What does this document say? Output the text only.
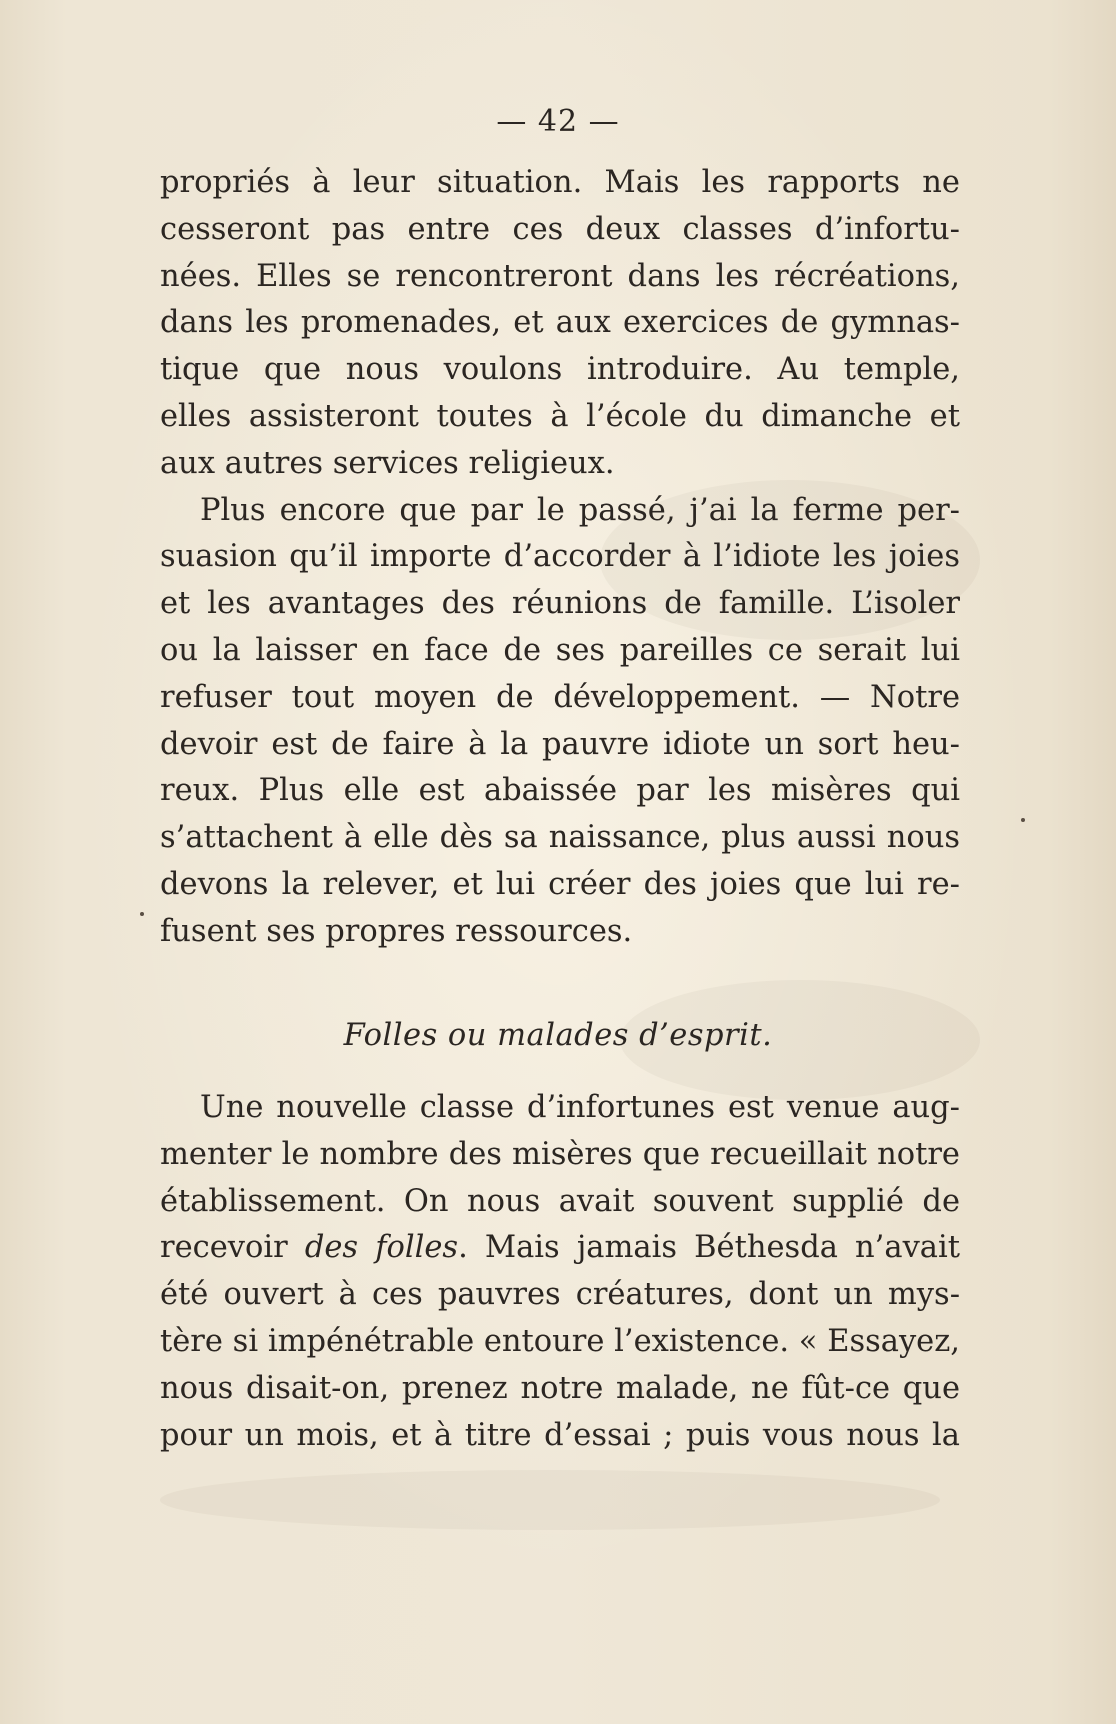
— 42 —
propriés à leur situation. Mais les rapports ne
cesseront pas entre ces deux classes d’infortu-
nées. Elles se rencontreront dans les récréations,
dans les promenades, et aux exercices de gymnas-
tique que nous voulons introduire. Au temple,
elles assisteront toutes à l’école du dimanche et
aux autres services religieux.
Plus encore que par le passé, j’ai la ferme per-
suasion qu’il importe d’accorder à l’idiote les joies
et les avantages des réunions de famille. L’isoler
ou la laisser en face de ses pareilles ce serait lui
refuser tout moyen de développement. — Notre
devoir est de faire à la pauvre idiote un sort heu-
reux. Plus elle est abaissée par les misères qui
s’attachent à elle dès sa naissance, plus aussi nous
devons la relever, et lui créer des joies que lui re-
fusent ses propres ressources.
Folles ou malades d’esprit.
Une nouvelle classe d’infortunes est venue aug-
menter le nombre des misères que recueillait notre
établissement. On nous avait souvent supplié de
recevoir des folles. Mais jamais Béthesda n’avait
été ouvert à ces pauvres créatures, dont un mys-
tère si impénétrable entoure l’existence. « Essayez,
nous disait-on, prenez notre malade, ne fût-ce que
pour un mois, et à titre d’essai ; puis vous nous la
